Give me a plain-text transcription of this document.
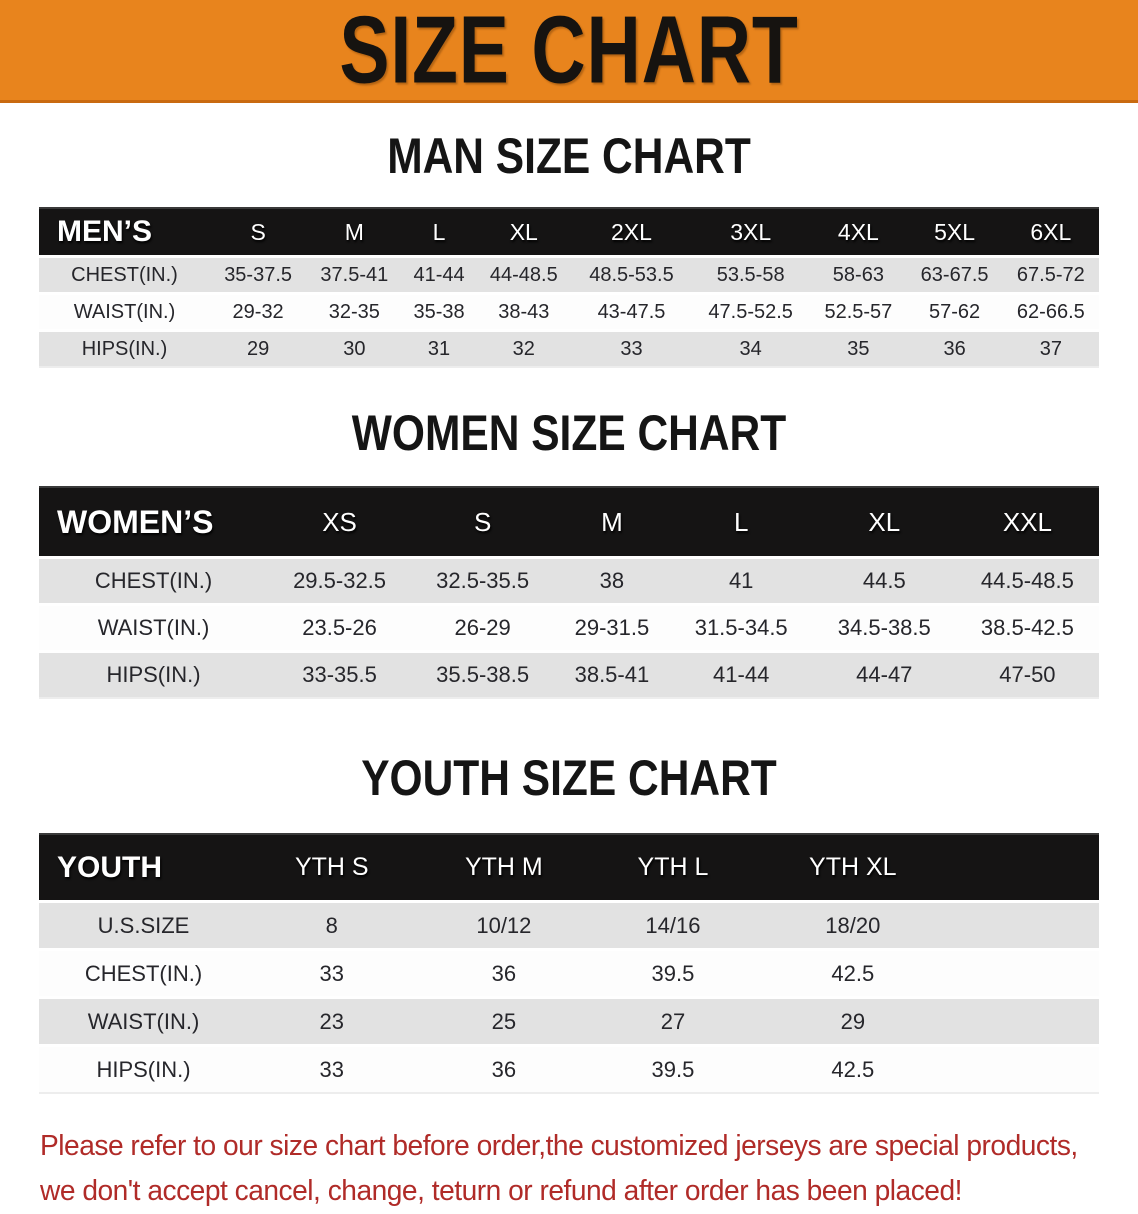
SIZE CHART
MAN SIZE CHART
MEN’S	S	M	L	XL	2XL	3XL	4XL	5XL	6XL
CHEST(IN.)	35-37.5	37.5-41	41-44	44-48.5	48.5-53.5	53.5-58	58-63	63-67.5	67.5-72
WAIST(IN.)	29-32	32-35	35-38	38-43	43-47.5	47.5-52.5	52.5-57	57-62	62-66.5
HIPS(IN.)	29	30	31	32	33	34	35	36	37
WOMEN SIZE CHART
WOMEN’S	XS	S	M	L	XL	XXL
CHEST(IN.)	29.5-32.5	32.5-35.5	38	41	44.5	44.5-48.5
WAIST(IN.)	23.5-26	26-29	29-31.5	31.5-34.5	34.5-38.5	38.5-42.5
HIPS(IN.)	33-35.5	35.5-38.5	38.5-41	41-44	44-47	47-50
YOUTH SIZE CHART
YOUTH	YTH S	YTH M	YTH L	YTH XL	
U.S.SIZE	8	10/12	14/16	18/20	
CHEST(IN.)	33	36	39.5	42.5	
WAIST(IN.)	23	25	27	29	
HIPS(IN.)	33	36	39.5	42.5	

Please refer to our size chart before order,the customized jerseys are special products,

we don't accept cancel, change, teturn or refund after order has been placed!
